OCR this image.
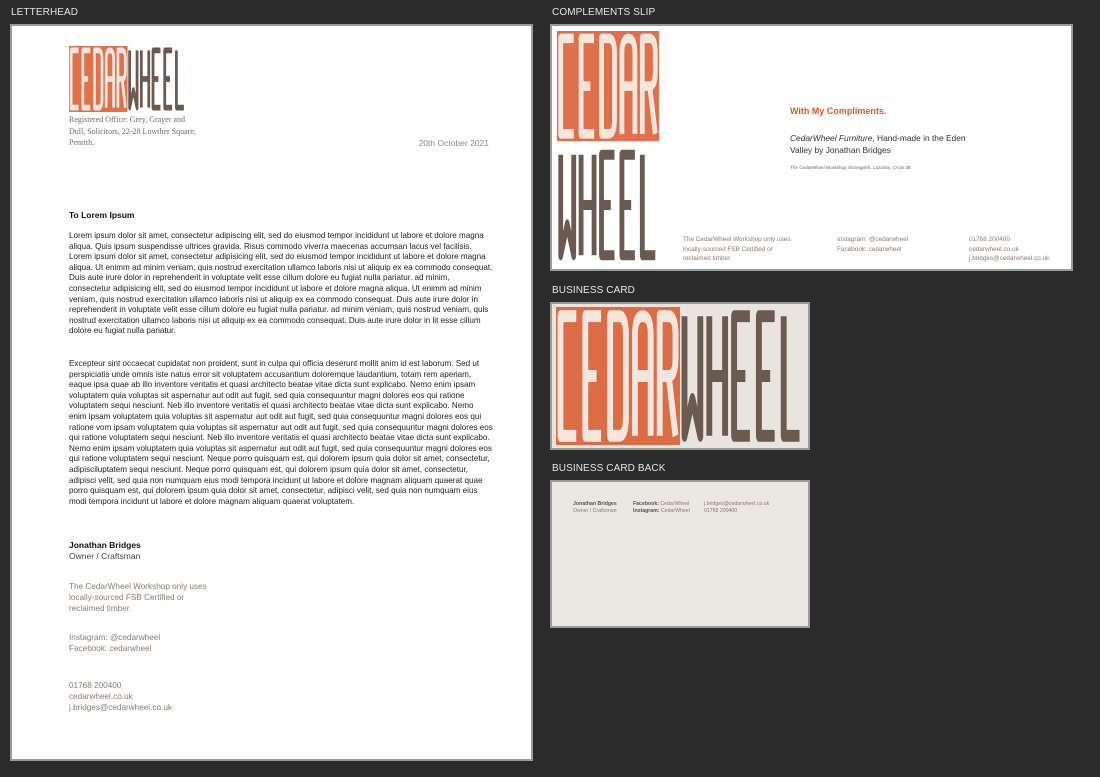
LETTERHEAD	COMPLEMENTS SLIP
BUSINESS CARD
BUSINESS CARD BACK
Registered Office: Grey, Grayer and Dull, Solicitors, 22-28 Lowther Square, Penrith.	20th October 2021
To Lorem Ipsum
Lorem ipsum dolor sit amet, consectetur adipiscing elit, sed do eiusmod tempor incididunt ut labore et dolore magna aliqua. Quis ipsum suspendisse ultrices gravida. Risus commodo viverra maecenas accumsan lacus vel facilisis. Lorem ipsum dolor sit amet, consectetur adipisicing elit, sed do eiusmod tempor incididunt ut labore et dolore magna aliqua. Ut enimm ad minim veniam, quis nostrud exercitation ullamco laboris nisi ut aliquip ex ea commodo consequat. Duis aute irure dolor in reprehenderit in voluptate velit esse cillum dolore eu fugiat nulla pariatur. ad minim, consectetur adipisicing elit, sed do eiusmod tempor incididunt ut labore et dolore magna aliqua. Ut enimm ad minim veniam, quis nostrud exercitation ullamco laboris nisi ut aliquip ex ea commodo consequat. Duis aute irure dolor in reprehenderit in voluptate velit esse cillum dolore eu fugiat nulla pariatur. ad minim veniam, quis nostrud veniam, quis nostrud exercitation ullamco laboris nisi ut aliquip ex ea commodo consequat. Duis aute irure dolor in lit esse cillum dolore eu fugiat nulla pariatur.
Excepteur sint occaecat cupidatat non proident, sunt in culpa qui officia deserunt mollit anim id est laborum. Sed ut perspiciatis unde omnis iste natus error sit voluptatem accusantium doloremque laudantium, totam rem aperiam, eaque ipsa quae ab illo inventore veritatis et quasi architecto beatae vitae dicta sunt explicabo. Nemo enim ipsam voluptatem quia voluptas sit aspernatur aut odit aut fugit, sed quia consequuntur magni dolores eos qui ratione voluptatem sequi nesciunt. Neb illo inventore veritatis et quasi architecto beatae vitae dicta sunt explicabo. Nemo enim ipsam voluptatem quia voluptas sit aspernatur aut odit aut fugit, sed quia consequuntur magni dolores eos qui ratione vom ipsam voluptatem quia voluptas sit aspernatur aut odit aut fugit, sed quia consequuntur magni dolores eos qui ratione voluptatem sequi nesciunt. Neb illo inventore veritatis et quasi architecto beatae vitae dicta sunt explicabo. Nemo enim ipsam voluptatem quia voluptas sit aspernatur aut odit aut fugit, sed quia consequuntur magni dolores eos qui ratione voluptatem sequi nesciunt. Neque porro quisquam est, qui dolorem ipsum quia dolor sit amet, consectetur, adipisciluptatem sequi nesciunt. Neque porro quisquam est, qui dolorem ipsum quia dolor sit amet, consectetur, adipisci velit, sed quia non numquam eius modi tempora incidunt ut labore et dolore magnam aliquam quaerat quae porro quisquam est, qui dolorem ipsum quia dolor sit amet, consectetur, adipisci velit, sed quia non numquam eius modi tempora incidunt ut labore et dolore magnam aliquam quaerat voluptatem.
Jonathan Bridges
Owner / Craftsman
The CedarWheel Workshop only uses
locally-sourced FSB Certified or
reclaimed timber.
Instagram: @cedarwheel
Facebook: cedarwheel
01768 200400
cedarwheel.co.uk
j.bridges@cedarwheel.co.uk
With My Compliments.
CedarWheel Furniture, Hand-made in the Eden Valley by Jonathan Bridges
The CedarWheel Workshop Stonegarth, Lazonby, CA16 3B
The CedarWheel Workshop only uses
locally-sourced FSB Certified or
reclaimed timber.
Instagram: @cedarwheel
Facebook: cedarwheel
01768 200400
cedarwheel.co.uk
j.bridges@cedarwheel.co.uk
Jonathan Bridges
Owner / Craftsman
Facebook: CedarWheel
Instagram: CedarWheel
j.bridges@cedarwheel.co.uk
01768 200400
